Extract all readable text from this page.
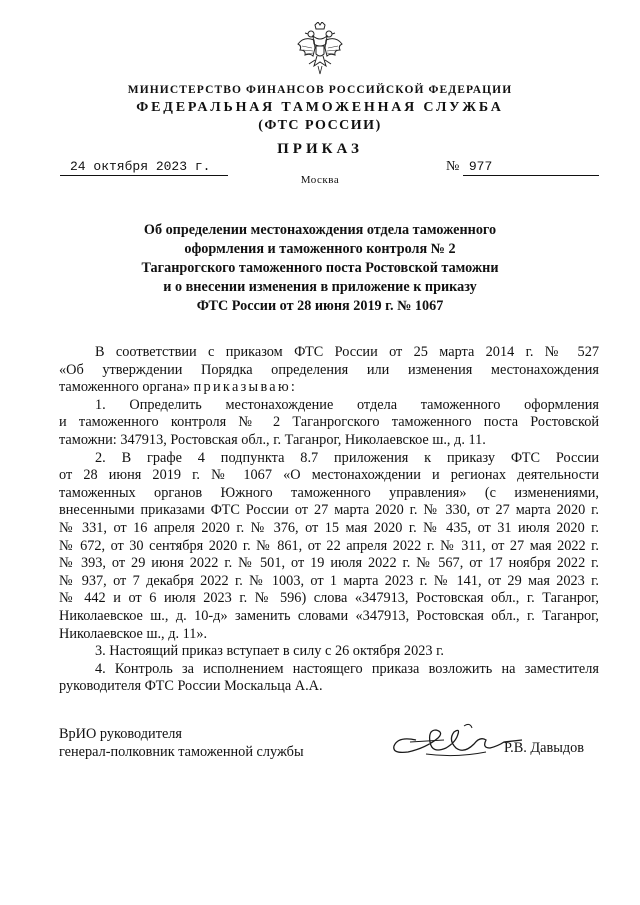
МИНИСТЕРСТВО ФИНАНСОВ РОССИЙСКОЙ ФЕДЕРАЦИИ
ФЕДЕРАЛЬНАЯ ТАМОЖЕННАЯ СЛУЖБА
(ФТС РОССИИ)
ПРИКАЗ
24 октября 2023 г.	№ 977
Москва
Об определении местонахождения отдела таможенного
оформления и таможенного контроля № 2
Таганрогского таможенного поста Ростовской таможни
и о внесении изменения в приложение к приказу
ФТС России от 28 июня 2019 г. № 1067
В соответствии с приказом ФТС России от 25 марта 2014 г. № 527
«Об утверждении Порядка определения или изменения местонахождения
таможенного органа» приказываю:
1. Определить местонахождение отдела таможенного оформления
и таможенного контроля № 2 Таганрогского таможенного поста Ростовской
таможни: 347913, Ростовская обл., г. Таганрог, Николаевское ш., д. 11.
2. В графе 4 подпункта 8.7 приложения к приказу ФТС России
от 28 июня 2019 г. № 1067 «О местонахождении и регионах деятельности
таможенных органов Южного таможенного управления» (с изменениями,
внесенными приказами ФТС России от 27 марта 2020 г. № 330, от 27 марта 2020 г.
№ 331, от 16 апреля 2020 г. № 376, от 15 мая 2020 г. № 435, от 31 июля 2020 г.
№ 672, от 30 сентября 2020 г. № 861, от 22 апреля 2022 г. № 311, от 27 мая 2022 г.
№ 393, от 29 июня 2022 г. № 501, от 19 июля 2022 г. № 567, от 17 ноября 2022 г.
№ 937, от 7 декабря 2022 г. № 1003, от 1 марта 2023 г. № 141, от 29 мая 2023 г.
№ 442 и от 6 июля 2023 г. № 596) слова «347913, Ростовская обл., г. Таганрог,
Николаевское ш., д. 10-д» заменить словами «347913, Ростовская обл., г. Таганрог,
Николаевское ш., д. 11».
3. Настоящий приказ вступает в силу с 26 октября 2023 г.
4. Контроль за исполнением настоящего приказа возложить на заместителя
руководителя ФТС России Москальца А.А.
ВрИО руководителя
генерал-полковник таможенной службы	Р.В. Давыдов
